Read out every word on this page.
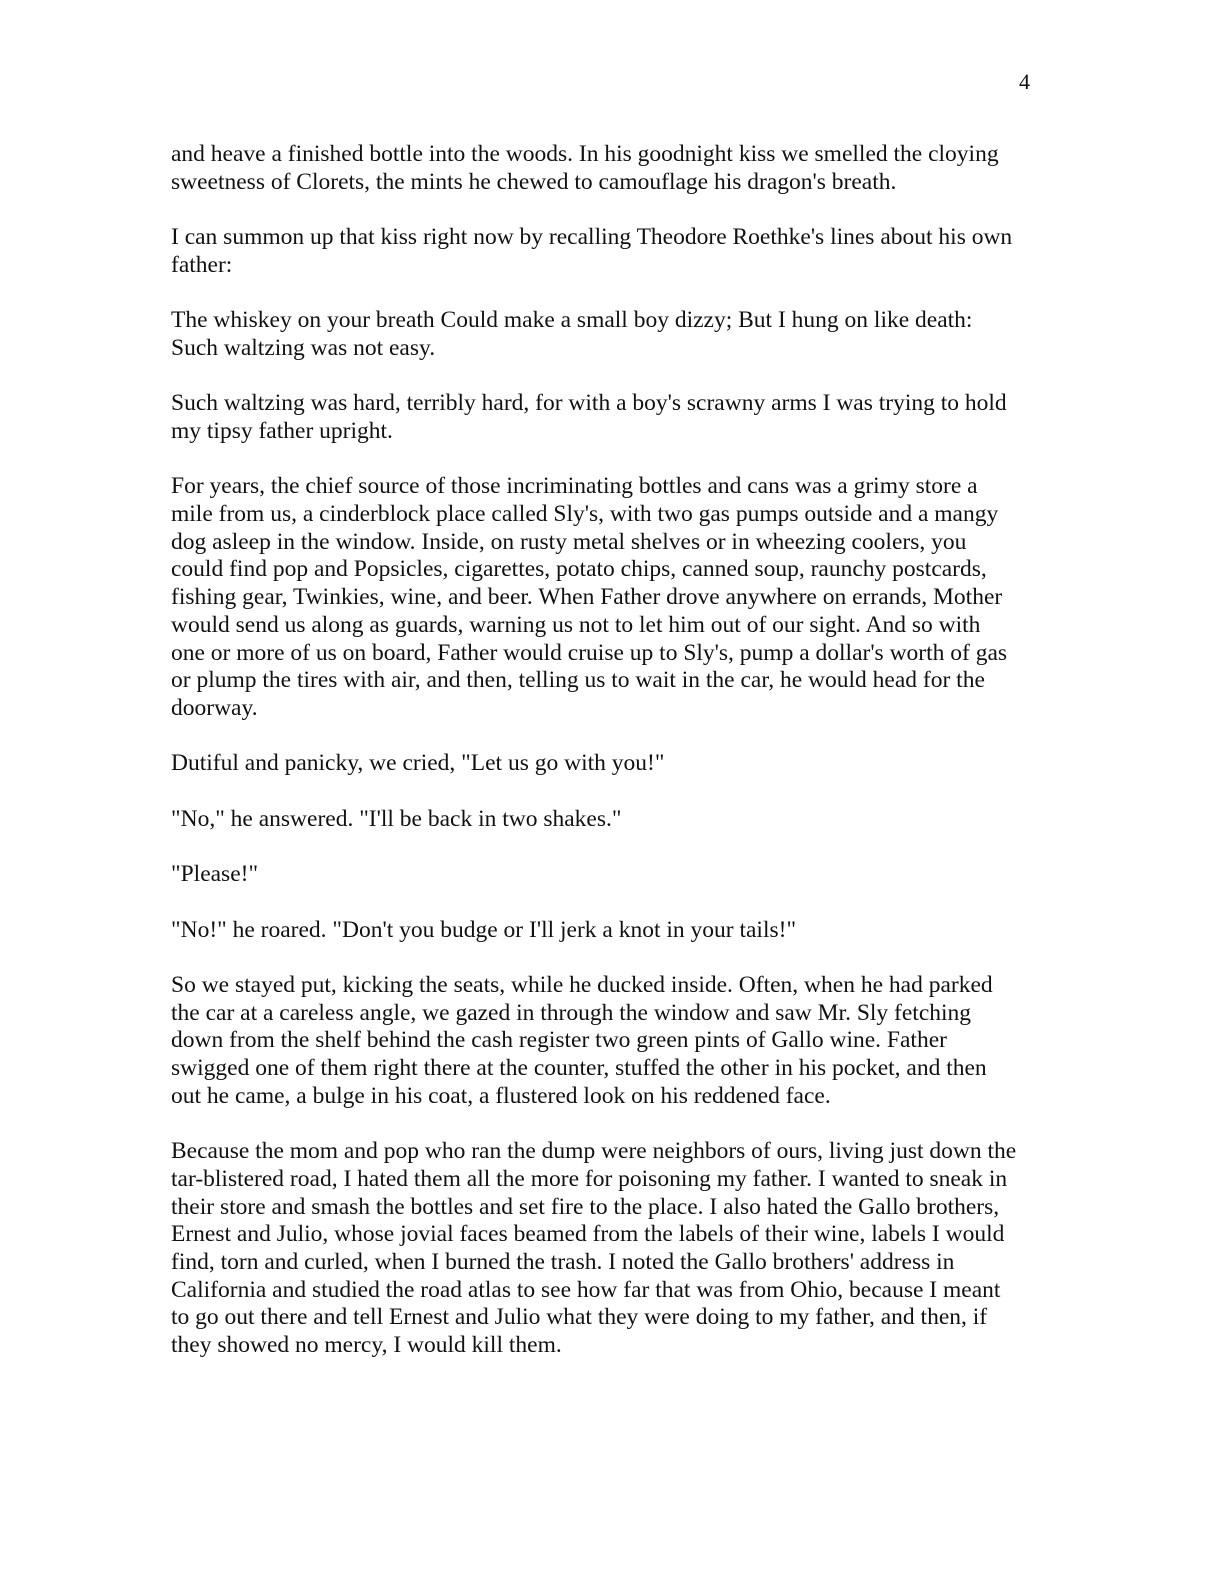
4

and heave a finished bottle into the woods. In his goodnight kiss we smelled the cloying
sweetness of Clorets, the mints he chewed to camouflage his dragon's breath.

I can summon up that kiss right now by recalling Theodore Roethke's lines about his own
father:

The whiskey on your breath Could make a small boy dizzy; But I hung on like death:
Such waltzing was not easy.

Such waltzing was hard, terribly hard, for with a boy's scrawny arms I was trying to hold
my tipsy father upright.

For years, the chief source of those incriminating bottles and cans was a grimy store a
mile from us, a cinderblock place called Sly's, with two gas pumps outside and a mangy
dog asleep in the window. Inside, on rusty metal shelves or in wheezing coolers, you
could find pop and Popsicles, cigarettes, potato chips, canned soup, raunchy postcards,
fishing gear, Twinkies, wine, and beer. When Father drove anywhere on errands, Mother
would send us along as guards, warning us not to let him out of our sight. And so with
one or more of us on board, Father would cruise up to Sly's, pump a dollar's worth of gas
or plump the tires with air, and then, telling us to wait in the car, he would head for the
doorway.

Dutiful and panicky, we cried, "Let us go with you!"

"No," he answered. "I'll be back in two shakes."

"Please!"

"No!" he roared. "Don't you budge or I'll jerk a knot in your tails!"

So we stayed put, kicking the seats, while he ducked inside. Often, when he had parked
the car at a careless angle, we gazed in through the window and saw Mr. Sly fetching
down from the shelf behind the cash register two green pints of Gallo wine. Father
swigged one of them right there at the counter, stuffed the other in his pocket, and then
out he came, a bulge in his coat, a flustered look on his reddened face.

Because the mom and pop who ran the dump were neighbors of ours, living just down the
tar-blistered road, I hated them all the more for poisoning my father. I wanted to sneak in
their store and smash the bottles and set fire to the place. I also hated the Gallo brothers,
Ernest and Julio, whose jovial faces beamed from the labels of their wine, labels I would
find, torn and curled, when I burned the trash. I noted the Gallo brothers' address in
California and studied the road atlas to see how far that was from Ohio, because I meant
to go out there and tell Ernest and Julio what they were doing to my father, and then, if
they showed no mercy, I would kill them.
